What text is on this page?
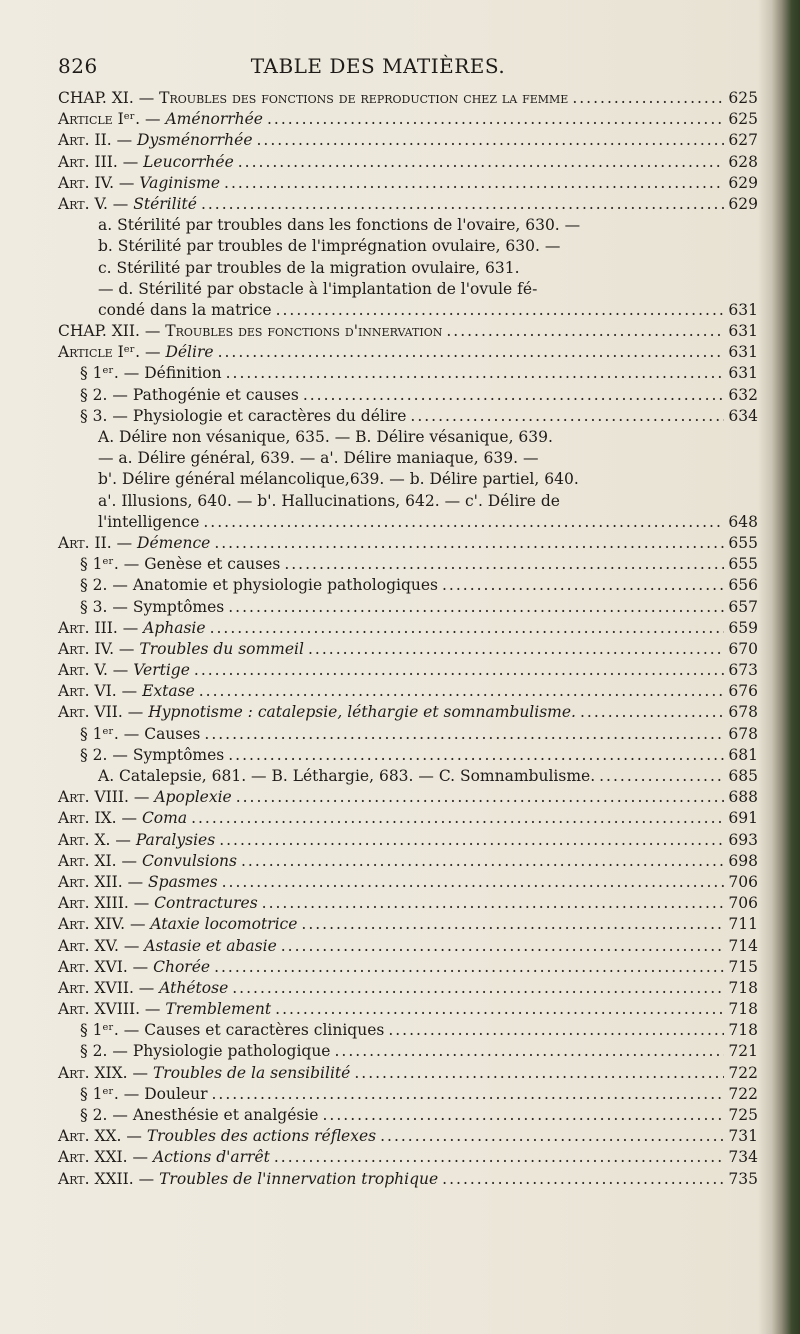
826	TABLE DES MATIÈRES.
CHAP. XI. — Troubles des fonctions de reproduction chez la femme .....	625
Article Iᵉʳ. — Aménorrhée .....	625
Art. II. — Dysménorrhée .....	627
Art. III. — Leucorrhée .....	628
Art. IV. — Vaginisme .....	629
Art. V. — Stérilité .....	629
a. Stérilité par troubles dans les fonctions de l'ovaire, 630. —
b. Stérilité par troubles de l'imprégnation ovulaire, 630. —
c. Stérilité par troubles de la migration ovulaire, 631.
— d. Stérilité par obstacle à l'implantation de l'ovule fé-
condé dans la matrice .....	631
CHAP. XII. — Troubles des fonctions d'innervation .....	631
Article Iᵉʳ. — Délire .....	631
§ 1ᵉʳ. — Définition .....	631
§ 2. — Pathogénie et causes .....	632
§ 3. — Physiologie et caractères du délire .....	634
A. Délire non vésanique, 635. — B. Délire vésanique, 639.
— a. Délire général, 639. — a'. Délire maniaque, 639. —
b'. Délire général mélancolique,639. — b. Délire partiel, 640.
a'. Illusions, 640. — b'. Hallucinations, 642. — c'. Délire de
l'intelligence .....	648
Art. II. — Démence .....	655
§ 1ᵉʳ. — Genèse et causes .....	655
§ 2. — Anatomie et physiologie pathologiques .....	656
§ 3. — Symptômes .....	657
Art. III. — Aphasie .....	659
Art. IV. — Troubles du sommeil .....	670
Art. V. — Vertige .....	673
Art. VI. — Extase .....	676
Art. VII. — Hypnotisme : catalepsie, léthargie et somnambulisme. .....	678
§ 1ᵉʳ. — Causes .....	678
§ 2. — Symptômes .....	681
A. Catalepsie, 681. — B. Léthargie, 683. — C. Somnambulisme. .....	685
Art. VIII. — Apoplexie .....	688
Art. IX. — Coma .....	691
Art. X. — Paralysies .....	693
Art. XI. — Convulsions .....	698
Art. XII. — Spasmes .....	706
Art. XIII. — Contractures .....	706
Art. XIV. — Ataxie locomotrice .....	711
Art. XV. — Astasie et abasie .....	714
Art. XVI. — Chorée .....	715
Art. XVII. — Athétose .....	718
Art. XVIII. — Tremblement .....	718
§ 1ᵉʳ. — Causes et caractères cliniques .....	718
§ 2. — Physiologie pathologique .....	721
Art. XIX. — Troubles de la sensibilité .....	722
§ 1ᵉʳ. — Douleur .....	722
§ 2. — Anesthésie et analgésie .....	725
Art. XX. — Troubles des actions réflexes .....	731
Art. XXI. — Actions d'arrêt .....	734
Art. XXII. — Troubles de l'innervation trophique .....	735
